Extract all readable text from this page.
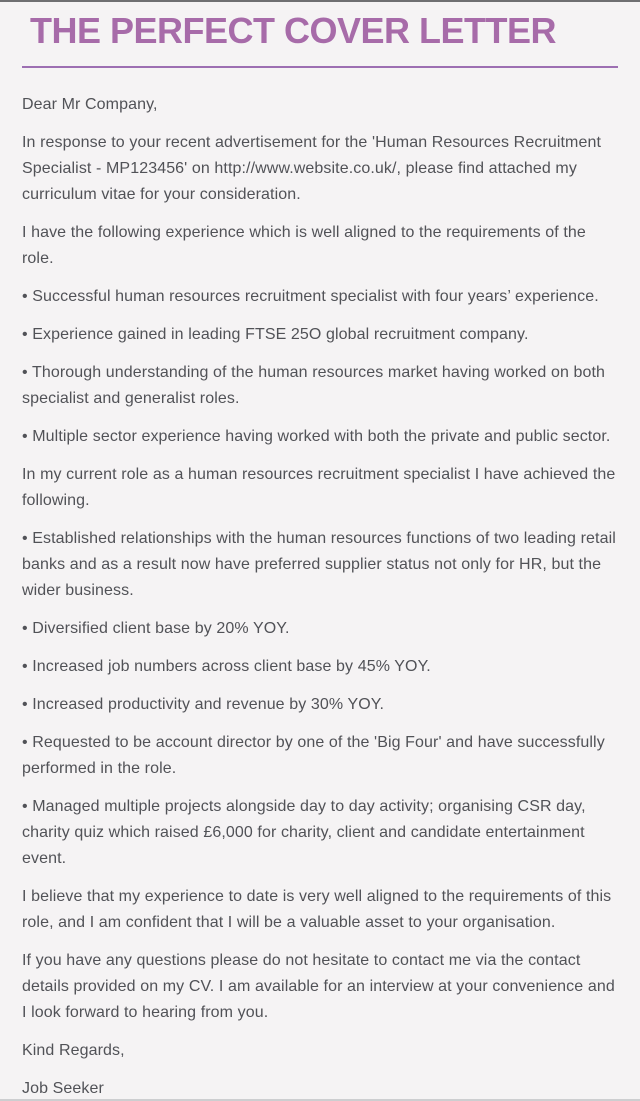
THE PERFECT COVER LETTER

Dear Mr Company,

In response to your recent advertisement for the 'Human Resources Recruitment Specialist - MP123456' on http://www.website.co.uk/, please find attached my curriculum vitae for your consideration.

I have the following experience which is well aligned to the requirements of the role.

• Successful human resources recruitment specialist with four years’ experience.

• Experience gained in leading FTSE 25O global recruitment company.

• Thorough understanding of the human resources market having worked on both specialist and generalist roles.

• Multiple sector experience having worked with both the private and public sector.

In my current role as a human resources recruitment specialist I have achieved the following.

• Established relationships with the human resources functions of two leading retail banks and as a result now have preferred supplier status not only for HR, but the wider business.

• Diversified client base by 20% YOY.

• Increased job numbers across client base by 45% YOY.

• Increased productivity and revenue by 30% YOY.

• Requested to be account director by one of the 'Big Four' and have successfully performed in the role.

• Managed multiple projects alongside day to day activity; organising CSR day, charity quiz which raised £6,000 for charity, client and candidate entertainment event.

I believe that my experience to date is very well aligned to the requirements of this role, and I am confident that I will be a valuable asset to your organisation.

If you have any questions please do not hesitate to contact me via the contact details provided on my CV. I am available for an interview at your convenience and I look forward to hearing from you.

Kind Regards,

Job Seeker
